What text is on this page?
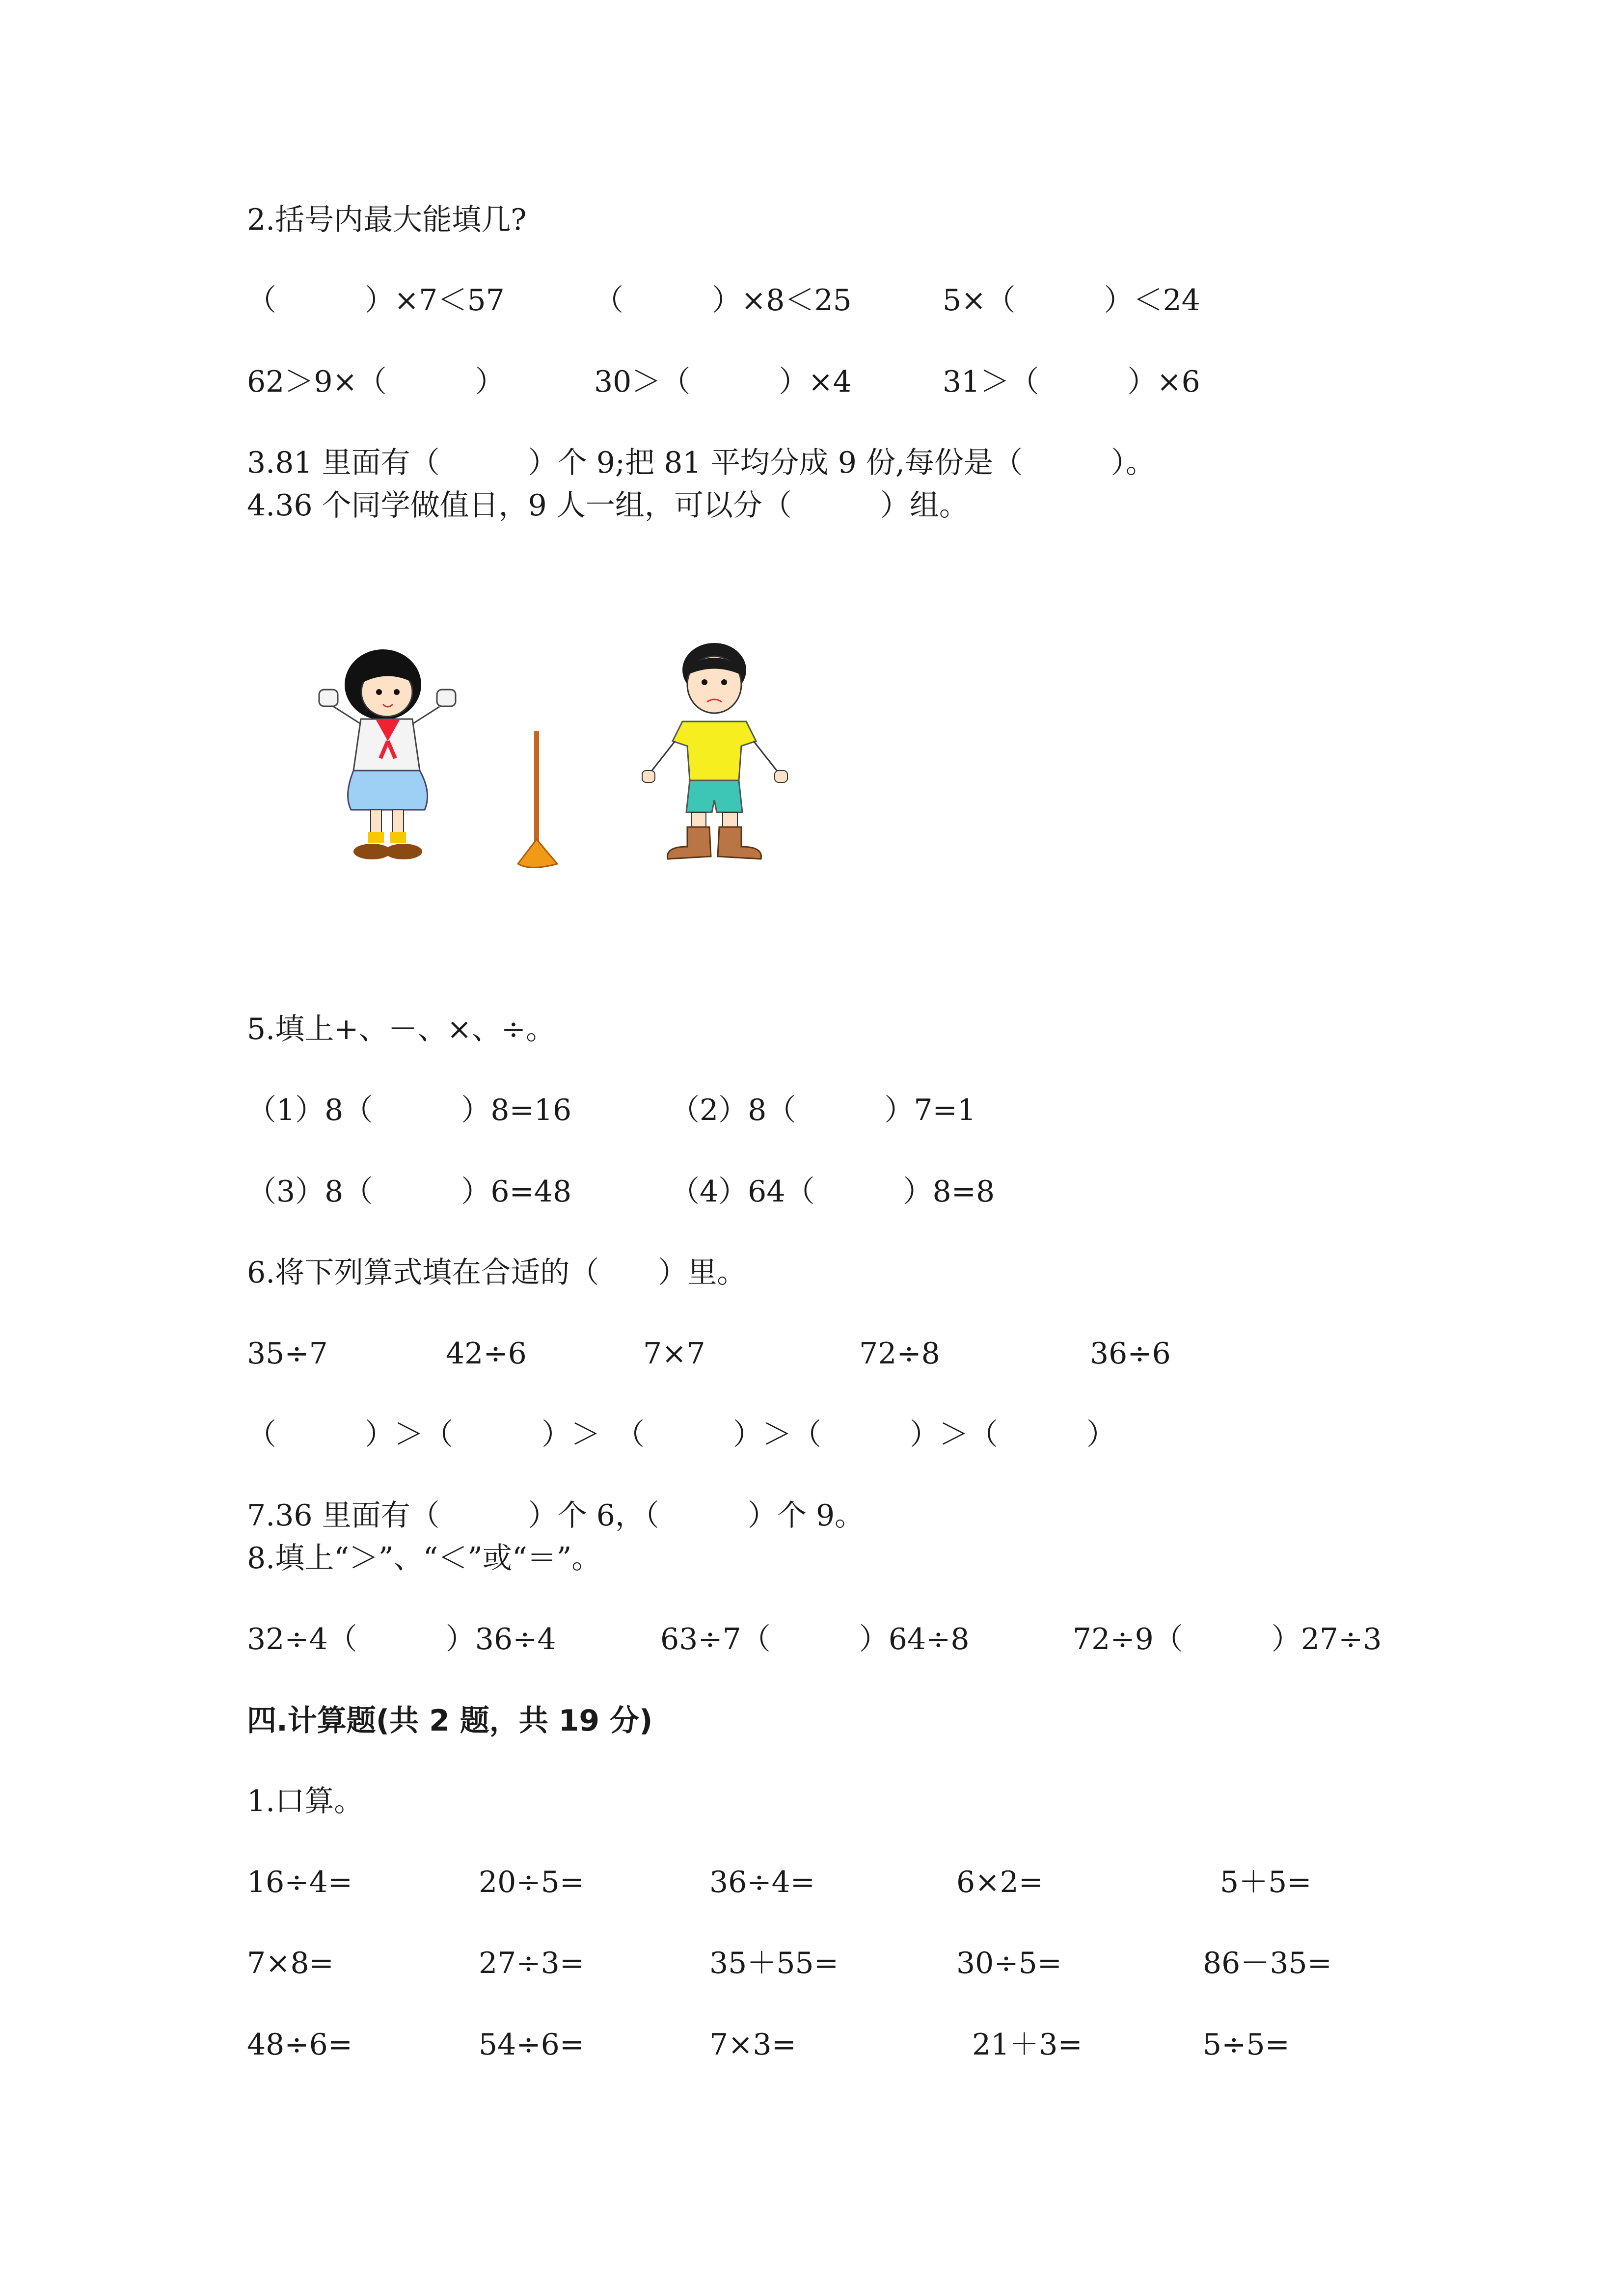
2.括号内最大能填几?
（　　　）×7＜57	（　　　）×8＜25	5×（　　　）＜24
62＞9×（　　　）	30＞（　　　）×4	31＞（　　　）×6
3.81 里面有（　　　）个 9;把 81 平均分成 9 份,每份是（　　　）。
4.36 个同学做值日，9 人一组，可以分（　　　）组。
5.填上+、－、×、÷。
（1）8（　　　）8=16	（2）8（　　　）7=1
（3）8（　　　）6=48	（4）64（　　　）8=8
6.将下列算式填在合适的（　　）里。
35÷7	42÷6	7×7	72÷8	36÷6
（　　　）＞（　　　）＞　（　　　）＞（　　　）＞（　　　）
7.36 里面有（　　　）个 6，（　　　）个 9。
8.填上“＞”、“＜”或“＝”。
32÷4（　　　）36÷4	63÷7（　　　）64÷8	72÷9（　　　）27÷3
四.计算题(共 2 题，共 19 分)
1.口算。
16÷4=	20÷5=	36÷4=	6×2=	5＋5=
7×8=	27÷3=	35＋55=	30÷5=	86－35=
48÷6=	54÷6=	7×3=	21＋3=	5÷5=
